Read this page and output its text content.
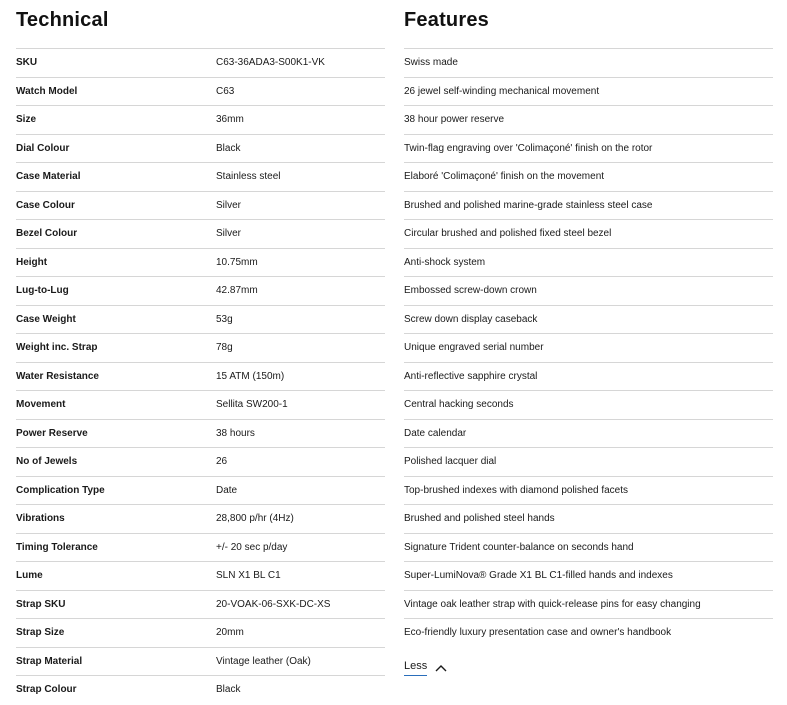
Technical
SKU	C63-36ADA3-S00K1-VK
Watch Model	C63
Size	36mm
Dial Colour	Black
Case Material	Stainless steel
Case Colour	Silver
Bezel Colour	Silver
Height	10.75mm
Lug-to-Lug	42.87mm
Case Weight	53g
Weight inc. Strap	78g
Water Resistance	15 ATM (150m)
Movement	Sellita SW200-1
Power Reserve	38 hours
No of Jewels	26
Complication Type	Date
Vibrations	28,800 p/hr (4Hz)
Timing Tolerance	+/- 20 sec p/day
Lume	SLN X1 BL C1
Strap SKU	20-VOAK-06-SXK-DC-XS
Strap Size	20mm
Strap Material	Vintage leather (Oak)
Strap Colour	Black
Features
Swiss made
26 jewel self-winding mechanical movement
38 hour power reserve
Twin-flag engraving over 'Colimaçoné' finish on the rotor
Elaboré 'Colimaçoné' finish on the movement
Brushed and polished marine-grade stainless steel case
Circular brushed and polished fixed steel bezel
Anti-shock system
Embossed screw-down crown
Screw down display caseback
Unique engraved serial number
Anti-reflective sapphire crystal
Central hacking seconds
Date calendar
Polished lacquer dial
Top-brushed indexes with diamond polished facets
Brushed and polished steel hands
Signature Trident counter-balance on seconds hand
Super-LumiNova® Grade X1 BL C1-filled hands and indexes
Vintage oak leather strap with quick-release pins for easy changing
Eco-friendly luxury presentation case and owner's handbook
Less
